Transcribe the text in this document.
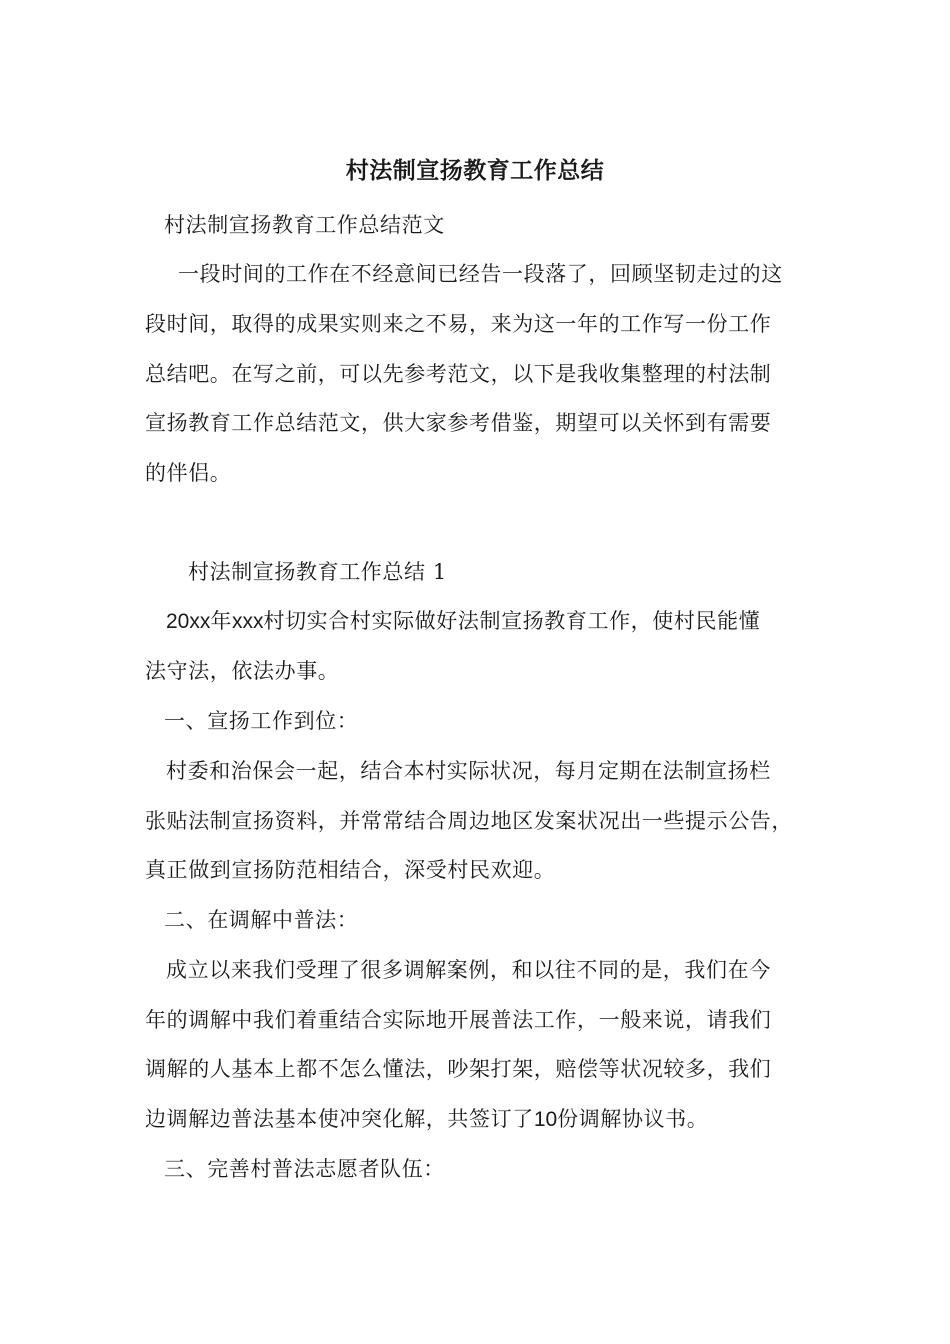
村法制宣扬教育工作总结
村法制宣扬教育工作总结范文
一段时间的工作在不经意间已经告一段落了，回顾坚韧走过的这
段时间，取得的成果实则来之不易，来为这一年的工作写一份工作
总结吧。在写之前，可以先参考范文，以下是我收集整理的村法制
宣扬教育工作总结范文，供大家参考借鉴，期望可以关怀到有需要
的伴侣。
村法制宣扬教育工作总结 1
20xx年xxx村切实合村实际做好法制宣扬教育工作，使村民能懂
法守法，依法办事。
一、宣扬工作到位：
村委和治保会一起，结合本村实际状况，每月定期在法制宣扬栏
张贴法制宣扬资料，并常常结合周边地区发案状况出一些提示公告，
真正做到宣扬防范相结合，深受村民欢迎。
二、在调解中普法：
成立以来我们受理了很多调解案例，和以往不同的是，我们在今
年的调解中我们着重结合实际地开展普法工作，一般来说，请我们
调解的人基本上都不怎么懂法，吵架打架，赔偿等状况较多，我们
边调解边普法基本使冲突化解，共签订了10份调解协议书。
三、完善村普法志愿者队伍：
